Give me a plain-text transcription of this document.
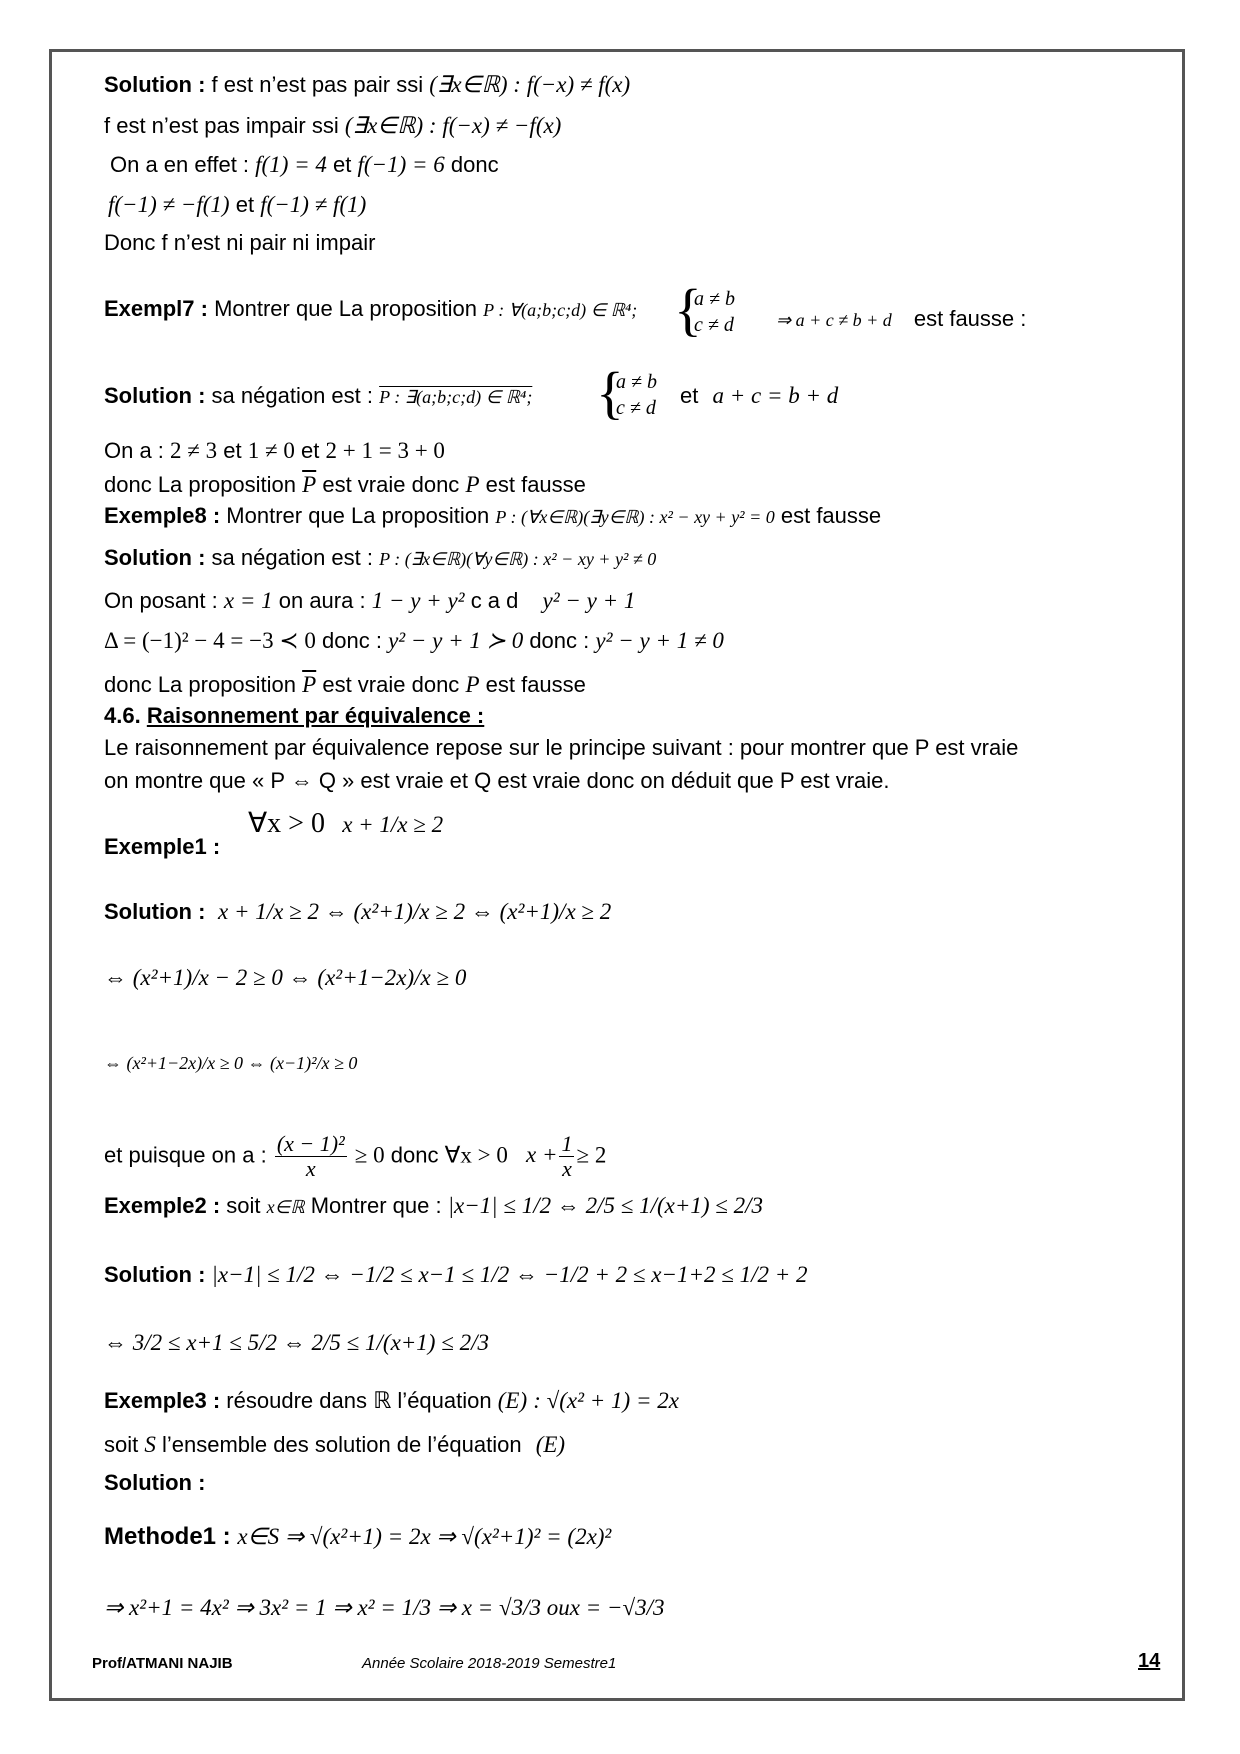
Solution : f est n’est pas pair ssi (∃x∈ℝ) : f(−x) ≠ f(x)
f est n’est pas impair ssi (∃x∈ℝ) : f(−x) ≠ −f(x)
On a en effet : f(1) = 4 et f(−1) = 6 donc
f(−1) ≠ −f(1) et f(−1) ≠ f(1)
Donc f n’est ni pair ni impair
Exempl7 : Montrer que La proposition P : ∀(a;b;c;d) ∈ ℝ⁴; {
a ≠ b
c ≠ d ⇒ a + c ≠ b + d est fausse :
Solution : sa négation est : P : ∃(a;b;c;d) ∈ ℝ⁴; {
a ≠ b
c ≠ d et a + c = b + d
On a : 2 ≠ 3 et 1 ≠ 0 et 2 + 1 = 3 + 0
donc La proposition $\overline{P}$ est vraie donc P est fausse
Exemple8 : Montrer que La proposition P : (∀x∈ℝ)(∃y∈ℝ) : x² − xy + y² = 0 est fausse
Solution : sa négation est : P : (∃x∈ℝ)(∀y∈ℝ) : x² − xy + y² ≠ 0
On posant : x = 1 on aura : 1 − y + y² c a d y² − y + 1
Δ = (−1)² − 4 = −3 ≺ 0 donc : y² − y + 1 ≻ 0 donc : y² − y + 1 ≠ 0
donc La proposition $\overline{P}$ est vraie donc P est fausse
4.6. Raisonnement par équivalence :
Le raisonnement par équivalence repose sur le principe suivant : pour montrer que P est vraie
on montre que « P ⇔ Q » est vraie et Q est vraie donc on déduit que P est vraie.
Exemple1 :
∀x > 0 x + 1/x ≥ 2
Solution : x + 1/x ≥ 2 ⇔ (x²+1)/x ≥ 2 ⇔ (x²+1)/x ≥ 2
⇔ (x²+1)/x − 2 ≥ 0 ⇔ (x²+1−2x)/x ≥ 0
⇔ (x²+1−2x)/x ≥ 0 ⇔ (x−1)²/x ≥ 0
et puisque on a : $\frac{\text{(x − 1)²}}{x} \ge 0$ donc ∀x > 0 $x + \frac{1}{x} \ge 2$
Exemple2 : soit x∈ℝ Montrer que : |x−1| ≤ 1/2 ⇔ 2/5 ≤ 1/(x+1) ≤ 2/3
Solution : |x−1| ≤ 1/2 ⇔ −1/2 ≤ x−1 ≤ 1/2 ⇔ −1/2 + 2 ≤ x−1+2 ≤ 1/2 + 2
⇔ 3/2 ≤ x+1 ≤ 5/2 ⇔ 2/5 ≤ 1/(x+1) ≤ 2/3
Exemple3 : résoudre dans ℝ l’équation (E) : √(x² + 1) = 2x
soit S l’ensemble des solution de l’équation (E)
Solution :
Methode1 : x∈S ⇒ √(x²+1) = 2x ⇒ √(x²+1)² = (2x)²
⇒ x²+1 = 4x² ⇒ 3x² = 1 ⇒ x² = 1/3 ⇒ x = √3/3 oux = −√3/3
Prof/ATMANI NAJIB	Année Scolaire 2018-2019 Semestre1	14
